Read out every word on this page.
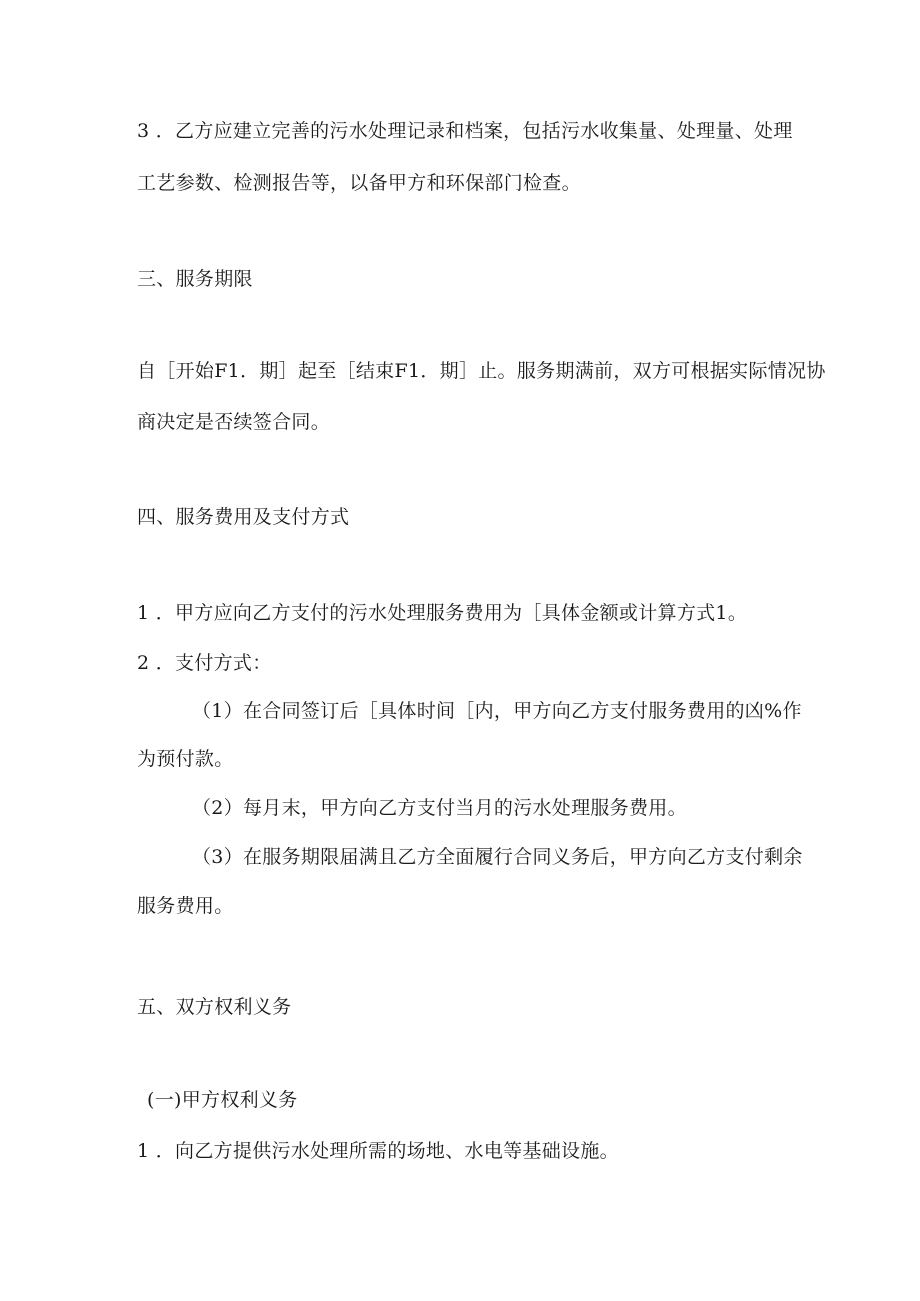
3 ．乙方应建立完善的污水处理记录和档案，包括污水收集量、处理量、处理
工艺参数、检测报告等，以备甲方和环保部门检查。
三、服务期限
自［开始F1．期］起至［结束F1．期］止。服务期满前，双方可根据实际情况协
商决定是否续签合同。
四、服务费用及支付方式
1 ．甲方应向乙方支付的污水处理服务费用为［具体金额或计算方式1。
2 ．支付方式：
（1）在合同签订后［具体时间［内，甲方向乙方支付服务费用的凶%作
为预付款。
（2）每月末，甲方向乙方支付当月的污水处理服务费用。
（3）在服务期限届满且乙方全面履行合同义务后，甲方向乙方支付剩余
服务费用。
五、双方权利义务
(一)甲方权利义务
1 ．向乙方提供污水处理所需的场地、水电等基础设施。
